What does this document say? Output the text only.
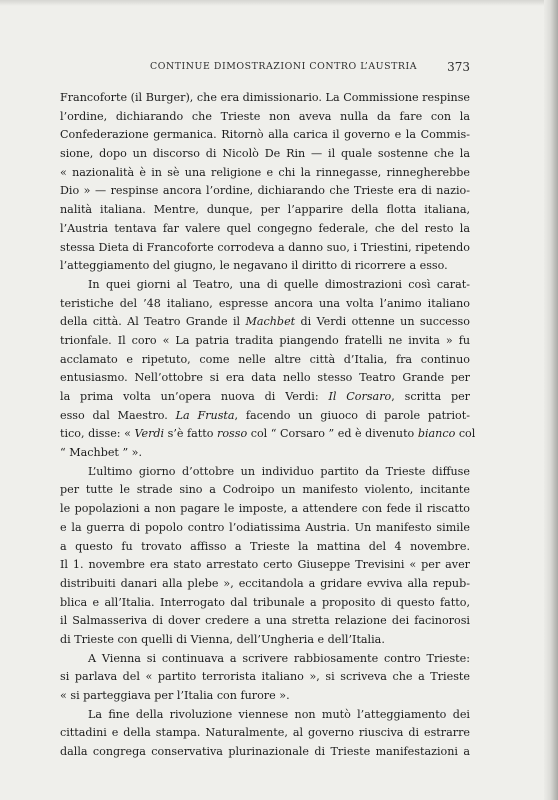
CONTINUE DIMOSTRAZIONI CONTRO L’AUSTRIA	373
Francoforte (il Burger), che era dimissionario. La Commissione respinse
l’ordine, dichiarando che Trieste non aveva nulla da fare con la
Confederazione germanica. Ritornò alla carica il governo e la Commis-
sione, dopo un discorso di Nicolò De Rin — il quale sostenne che la
« nazionalità è in sè una religione e chi la rinnegasse, rinnegherebbe
Dio » — respinse ancora l’ordine, dichiarando che Trieste era di nazio-
nalità italiana. Mentre, dunque, per l’apparire della flotta italiana,
l’Austria tentava far valere quel congegno federale, che del resto la
stessa Dieta di Francoforte corrodeva a danno suo, i Triestini, ripetendo
l’atteggiamento del giugno, le negavano il diritto di ricorrere a esso.
In quei giorni al Teatro, una di quelle dimostrazioni così carat-
teristiche del ’48 italiano, espresse ancora una volta l’animo italiano
della città. Al Teatro Grande il Machbet di Verdi ottenne un successo
trionfale. Il coro « La patria tradita piangendo fratelli ne invita » fu
acclamato e ripetuto, come nelle altre città d’Italia, fra continuo
entusiasmo. Nell’ottobre si era data nello stesso Teatro Grande per
la prima volta un’opera nuova di Verdi: Il Corsaro, scritta per
esso dal Maestro. La Frusta, facendo un giuoco di parole patriot-
tico, disse: « Verdi s’è fatto rosso col “ Corsaro ” ed è divenuto bianco col
“ Machbet ” ».
L’ultimo giorno d’ottobre un individuo partito da Trieste diffuse
per tutte le strade sino a Codroipo un manifesto violento, incitante
le popolazioni a non pagare le imposte, a attendere con fede il riscatto
e la guerra di popolo contro l’odiatissima Austria. Un manifesto simile
a questo fu trovato affisso a Trieste la mattina del 4 novembre.
Il 1. novembre era stato arrestato certo Giuseppe Trevisini « per aver
distribuiti danari alla plebe », eccitandola a gridare evviva alla repub-
blica e all’Italia. Interrogato dal tribunale a proposito di questo fatto,
il Salmasseriva di dover credere a una stretta relazione dei facinorosi
di Trieste con quelli di Vienna, dell’Ungheria e dell’Italia.
A Vienna si continuava a scrivere rabbiosamente contro Trieste:
si parlava del « partito terrorista italiano », si scriveva che a Trieste
« si parteggiava per l’Italia con furore ».
La fine della rivoluzione viennese non mutò l’atteggiamento dei
cittadini e della stampa. Naturalmente, al governo riusciva di estrarre
dalla congrega conservativa plurinazionale di Trieste manifestazioni a
